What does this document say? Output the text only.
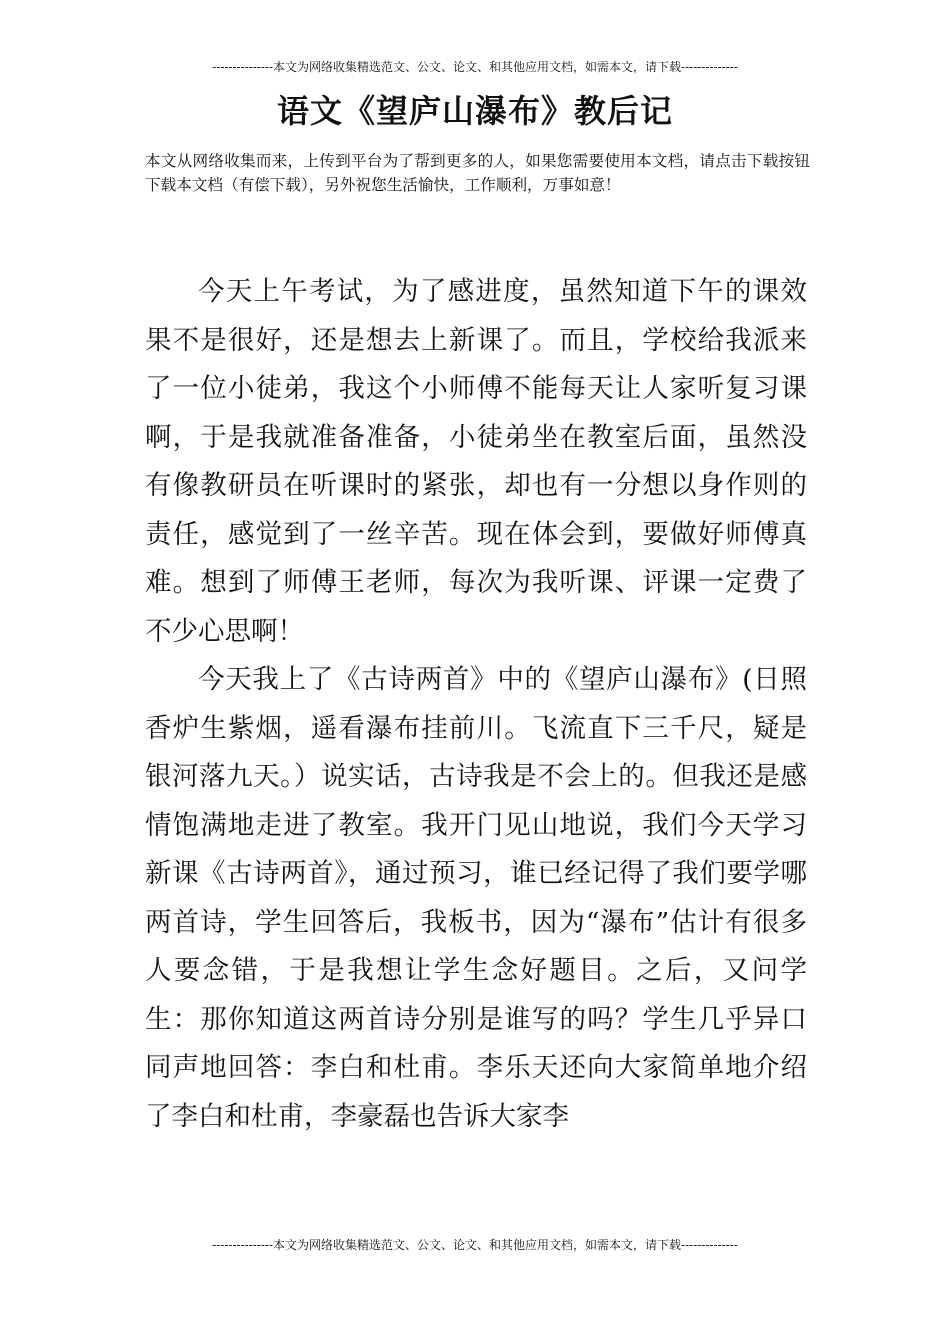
---------------本文为网络收集精选范文、公文、论文、和其他应用文档，如需本文，请下载--------------
语文《望庐山瀑布》教后记
本文从网络收集而来，上传到平台为了帮到更多的人，如果您需要使用本文档，请点击下载按钮下载本文档（有偿下载），另外祝您生活愉快，工作顺利，万事如意！

今天上午考试，为了感进度，虽然知道下午的课效果不是很好，还是想去上新课了。而且，学校给我派来了一位小徒弟，我这个小师傅不能每天让人家听复习课啊，于是我就准备准备，小徒弟坐在教室后面，虽然没有像教研员在听课时的紧张，却也有一分想以身作则的责任，感觉到了一丝辛苦。现在体会到，要做好师傅真难。想到了师傅王老师，每次为我听课、评课一定费了不少心思啊！

今天我上了《古诗两首》中的《望庐山瀑布》(日照香炉生紫烟，遥看瀑布挂前川。飞流直下三千尺，疑是银河落九天。）说实话，古诗我是不会上的。但我还是感情饱满地走进了教室。我开门见山地说，我们今天学习新课《古诗两首》，通过预习，谁已经记得了我们要学哪两首诗，学生回答后，我板书，因为“瀑布”估计有很多人要念错，于是我想让学生念好题目。之后，又问学生：那你知道这两首诗分别是谁写的吗？学生几乎异口同声地回答：李白和杜甫。李乐天还向大家简单地介绍了李白和杜甫，李豪磊也告诉大家李

---------------本文为网络收集精选范文、公文、论文、和其他应用文档，如需本文，请下载--------------
